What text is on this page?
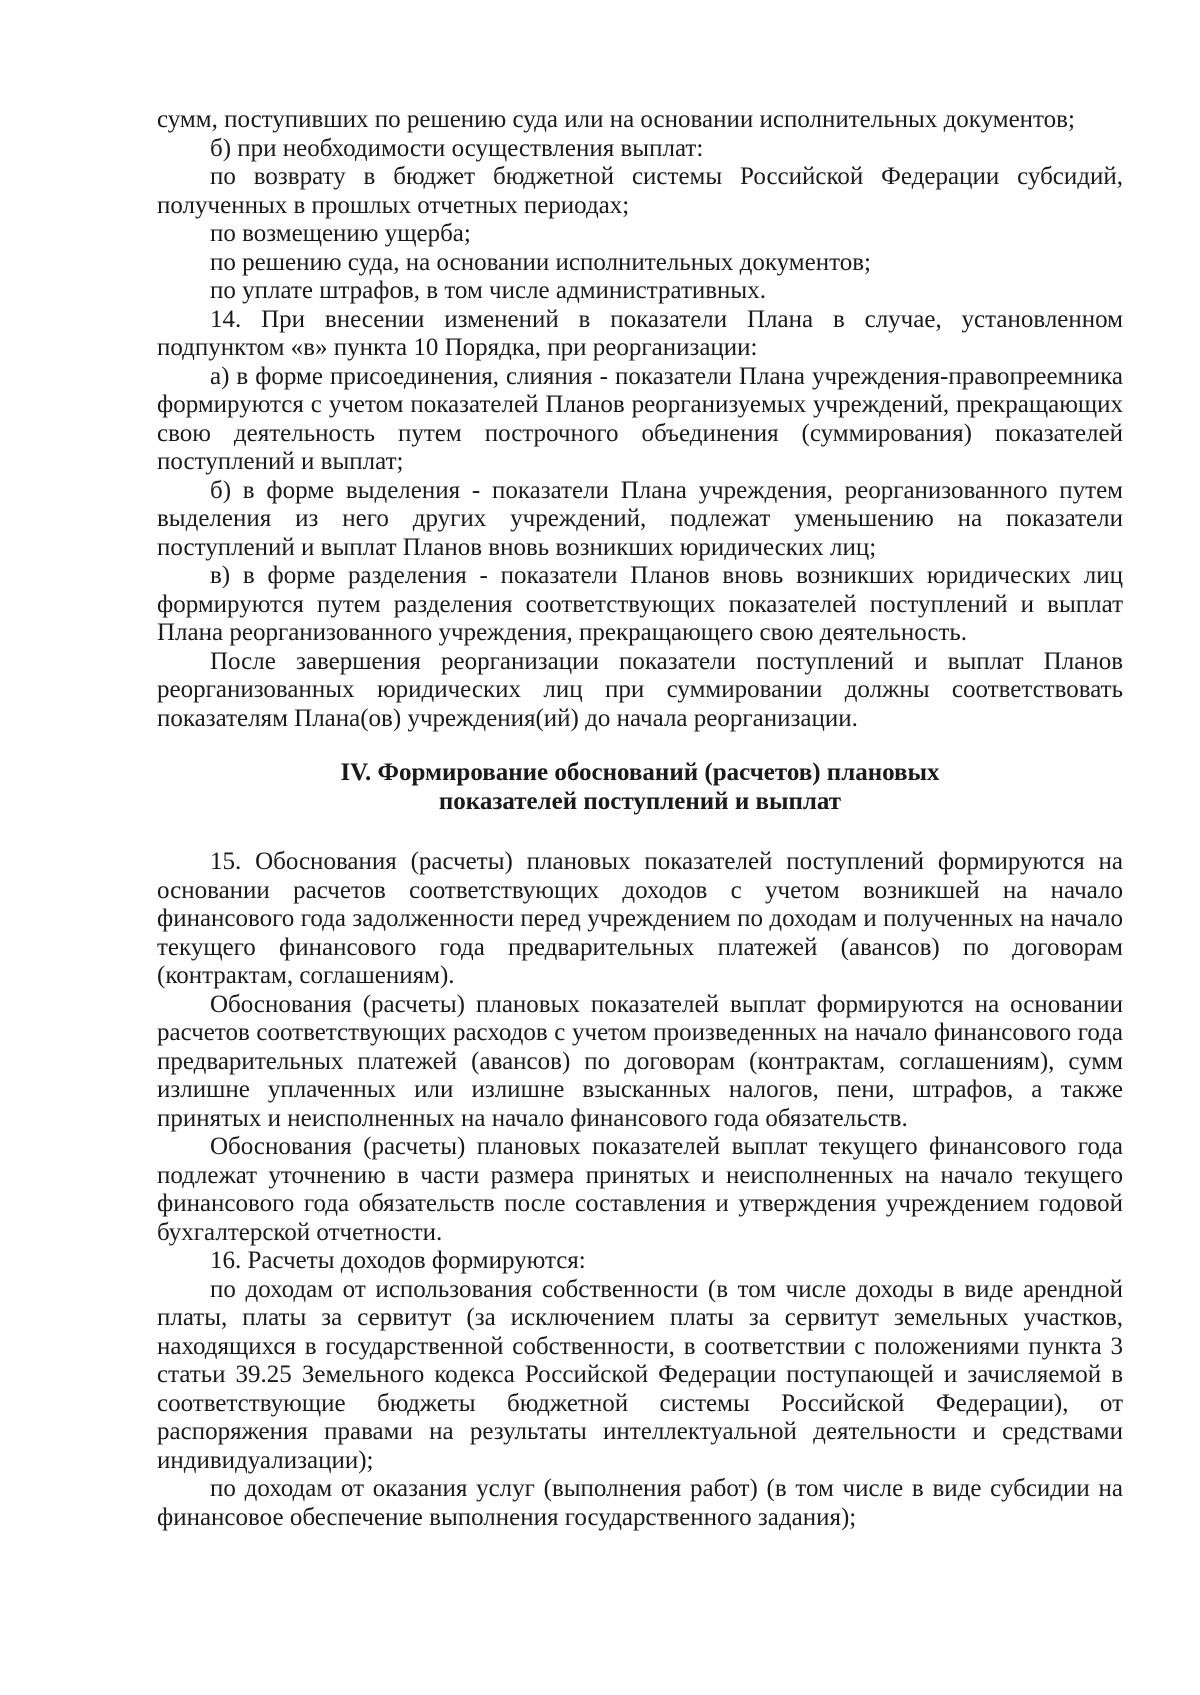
сумм, поступивших по решению суда или на основании исполнительных документов;

б) при необходимости осуществления выплат:

по возврату в бюджет бюджетной системы Российской Федерации субсидий, полученных в прошлых отчетных периодах;

по возмещению ущерба;

по решению суда, на основании исполнительных документов;

по уплате штрафов, в том числе административных.

14. При внесении изменений в показатели Плана в случае, установленном подпунктом «в» пункта 10 Порядка, при реорганизации:

а) в форме присоединения, слияния - показатели Плана учреждения-правопреемника формируются с учетом показателей Планов реорганизуемых учреждений, прекращающих свою деятельность путем построчного объединения (суммирования) показателей поступлений и выплат;

б) в форме выделения - показатели Плана учреждения, реорганизованного путем выделения из него других учреждений, подлежат уменьшению на показатели поступлений и выплат Планов вновь возникших юридических лиц;

в) в форме разделения - показатели Планов вновь возникших юридических лиц формируются путем разделения соответствующих показателей поступлений и выплат Плана реорганизованного учреждения, прекращающего свою деятельность.

После завершения реорганизации показатели поступлений и выплат Планов реорганизованных юридических лиц при суммировании должны соответствовать показателям Плана(ов) учреждения(ий) до начала реорганизации.

IV. Формирование обоснований (расчетов) плановых
показателей поступлений и выплат

15. Обоснования (расчеты) плановых показателей поступлений формируются на основании расчетов соответствующих доходов с учетом возникшей на начало финансового года задолженности перед учреждением по доходам и полученных на начало текущего финансового года предварительных платежей (авансов) по договорам (контрактам, соглашениям).

Обоснования (расчеты) плановых показателей выплат формируются на основании расчетов соответствующих расходов с учетом произведенных на начало финансового года предварительных платежей (авансов) по договорам (контрактам, соглашениям), сумм излишне уплаченных или излишне взысканных налогов, пени, штрафов, а также принятых и неисполненных на начало финансового года обязательств.

Обоснования (расчеты) плановых показателей выплат текущего финансового года подлежат уточнению в части размера принятых и неисполненных на начало текущего финансового года обязательств после составления и утверждения учреждением годовой бухгалтерской отчетности.

16. Расчеты доходов формируются:

по доходам от использования собственности (в том числе доходы в виде арендной платы, платы за сервитут (за исключением платы за сервитут земельных участков, находящихся в государственной собственности, в соответствии с положениями пункта 3 статьи 39.25 Земельного кодекса Российской Федерации поступающей и зачисляемой в соответствующие бюджеты бюджетной системы Российской Федерации), от распоряжения правами на результаты интеллектуальной деятельности и средствами индивидуализации);

по доходам от оказания услуг (выполнения работ) (в том числе в виде субсидии на финансовое обеспечение выполнения государственного задания);
